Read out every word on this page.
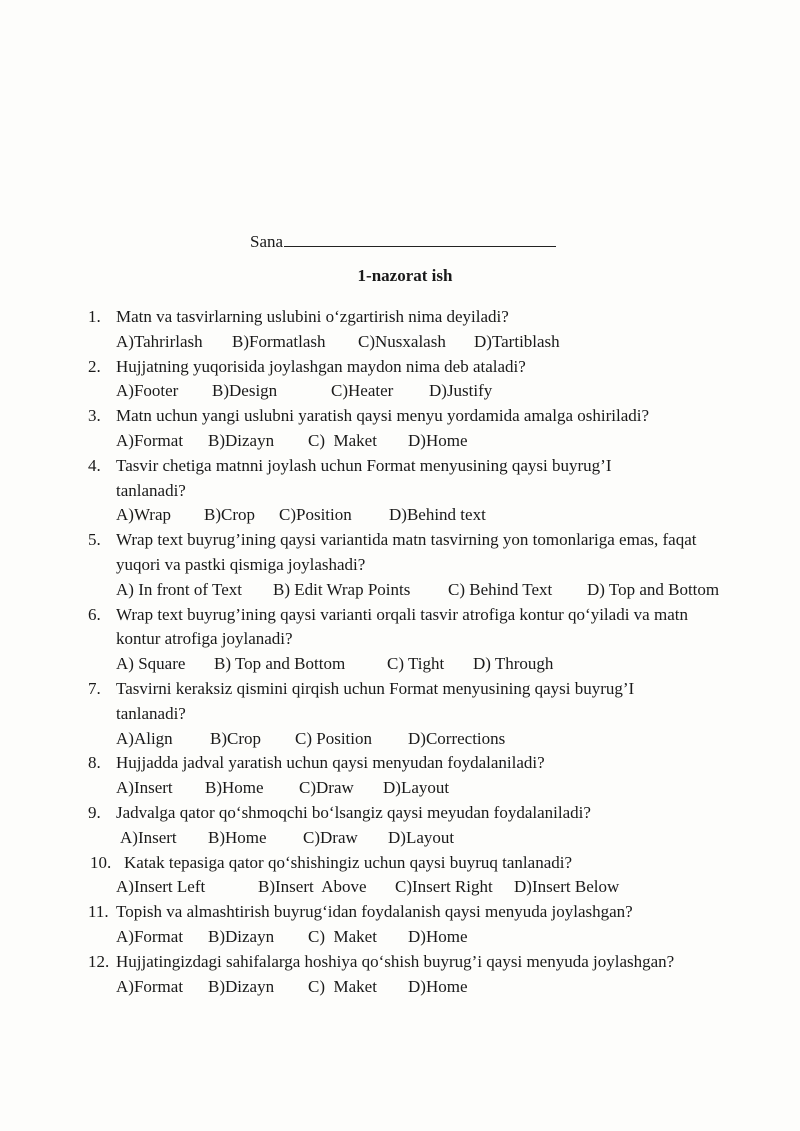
Sana
1-nazorat ish
1. Matn va tasvirlarning uslubini o‘zgartirish nima deyiladi?
A)Tahrirlash	B)Formatlash	C)Nusxalash	D)Tartiblash
2. Hujjatning yuqorisida joylashgan maydon nima deb ataladi?
A)Footer	B)Design	C)Heater	D)Justify
3. Matn uchun yangi uslubni yaratish qaysi menyu yordamida amalga oshiriladi?
A)Format	B)Dizayn	C)  Maket	D)Home
4. Tasvir chetiga matnni joylash uchun Format menyusining qaysi buyrug’I tanlanadi?
A)Wrap	B)Crop	C)Position	D)Behind text
5. Wrap text buyrug’ining qaysi variantida matn tasvirning yon tomonlariga emas, faqat yuqori va pastki qismiga joylashadi?
A) In front of Text	B) Edit Wrap Points	C) Behind Text	D) Top and Bottom
6. Wrap text buyrug’ining qaysi varianti orqali tasvir atrofiga kontur qo‘yiladi va matn kontur atrofiga joylanadi?
A) Square	B) Top and Bottom	C) Tight	D) Through
7. Tasvirni keraksiz qismini qirqish uchun Format menyusining qaysi buyrug’I tanlanadi?
A)Align	B)Crop	C) Position	D)Corrections
8. Hujjadda jadval yaratish uchun qaysi menyudan foydalaniladi?
A)Insert	B)Home	C)Draw	D)Layout
9. Jadvalga qator qo‘shmoqchi bo‘lsangiz qaysi meyudan foydalaniladi?
A)Insert	B)Home	C)Draw	D)Layout
10. Katak tepasiga qator qo‘shishingiz uchun qaysi buyruq tanlanadi?
A)Insert Left	B)Insert  Above	C)Insert Right	D)Insert Below
11. Topish va almashtirish buyrug‘idan foydalanish qaysi menyuda joylashgan?
A)Format	B)Dizayn	C)  Maket	D)Home
12. Hujjatingizdagi sahifalarga hoshiya qo‘shish buyrug’i qaysi menyuda joylashgan?
A)Format	B)Dizayn	C)  Maket	D)Home
